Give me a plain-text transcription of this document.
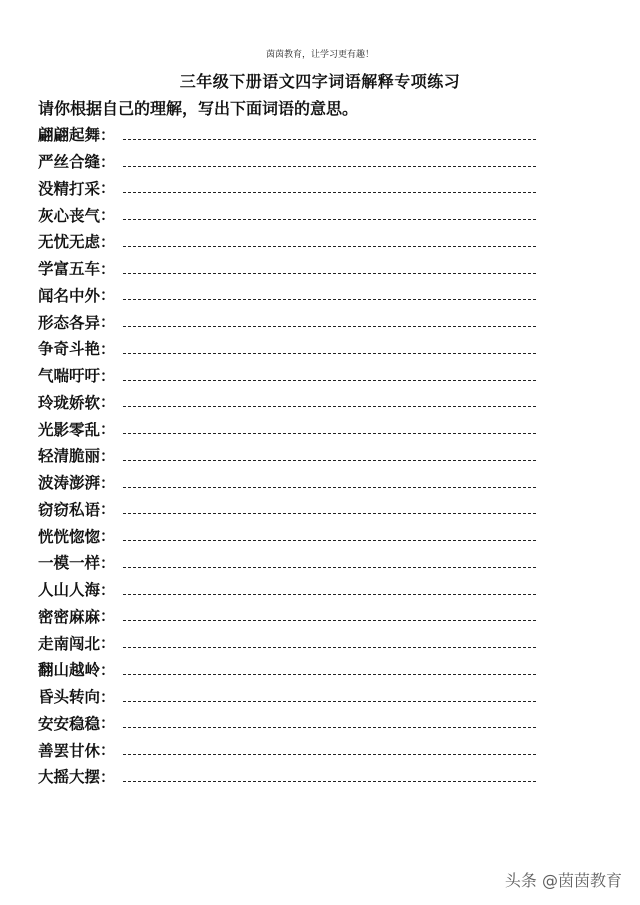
茵茵教育，让学习更有趣！
三年级下册语文四字词语解释专项练习
请你根据自己的理解，写出下面词语的意思。
翩翩起舞 ：
严丝合缝 ：
没精打采 ：
灰心丧气 ：
无忧无虑 ：
学富五车 ：
闻名中外 ：
形态各异 ：
争奇斗艳 ：
气喘吁吁 ：
玲珑娇软 ：
光影零乱 ：
轻清脆丽 ：
波涛澎湃 ：
窃窃私语 ：
恍恍惚惚 ：
一模一样 ：
人山人海 ：
密密麻麻 ：
走南闯北 ：
翻山越岭 ：
昏头转向 ：
安安稳稳 ：
善罢甘休 ：
大摇大摆 ：
头条 @茵茵教育
